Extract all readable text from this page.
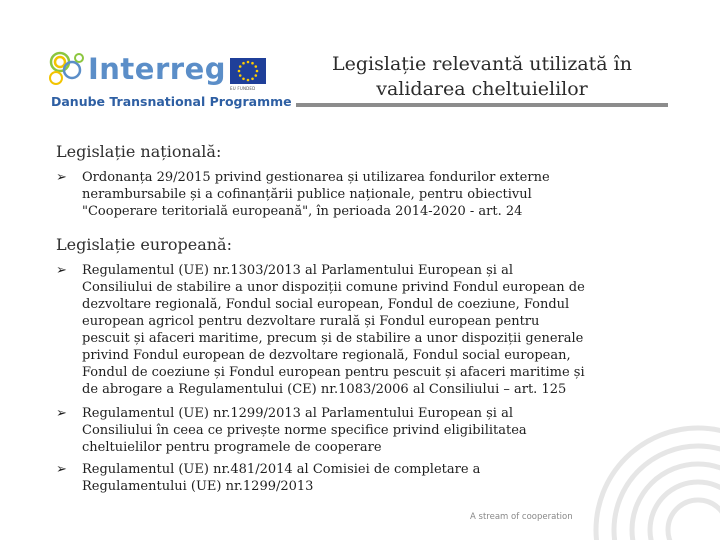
Interreg
EU FUNDED
Danube Transnational Programme
Legislație relevantă utilizată în
validarea cheltuielilor
Legislație națională:
➢ Ordonanța 29/2015 privind gestionarea și utilizarea fondurilor externe
nerambursabile și a cofinanțării publice naționale, pentru obiectivul
"Cooperare teritorială europeană", în perioada 2014-2020 - art. 24
Legislație europeană:
➢ Regulamentul (UE) nr.1303/2013 al Parlamentului European și al
Consiliului de stabilire a unor dispoziții comune privind Fondul european de
dezvoltare regională, Fondul social european, Fondul de coeziune, Fondul
european agricol pentru dezvoltare rurală și Fondul european pentru
pescuit și afaceri maritime, precum și de stabilire a unor dispoziții generale
privind Fondul european de dezvoltare regională, Fondul social european,
Fondul de coeziune și Fondul european pentru pescuit și afaceri maritime și
de abrogare a Regulamentului (CE) nr.1083/2006 al Consiliului – art. 125
➢ Regulamentul (UE) nr.1299/2013 al Parlamentului European și al
Consiliului în ceea ce privește norme specifice privind eligibilitatea
cheltuielilor pentru programele de cooperare
➢ Regulamentul (UE) nr.481/2014 al Comisiei de completare a
Regulamentului (UE) nr.1299/2013
A stream of cooperation
